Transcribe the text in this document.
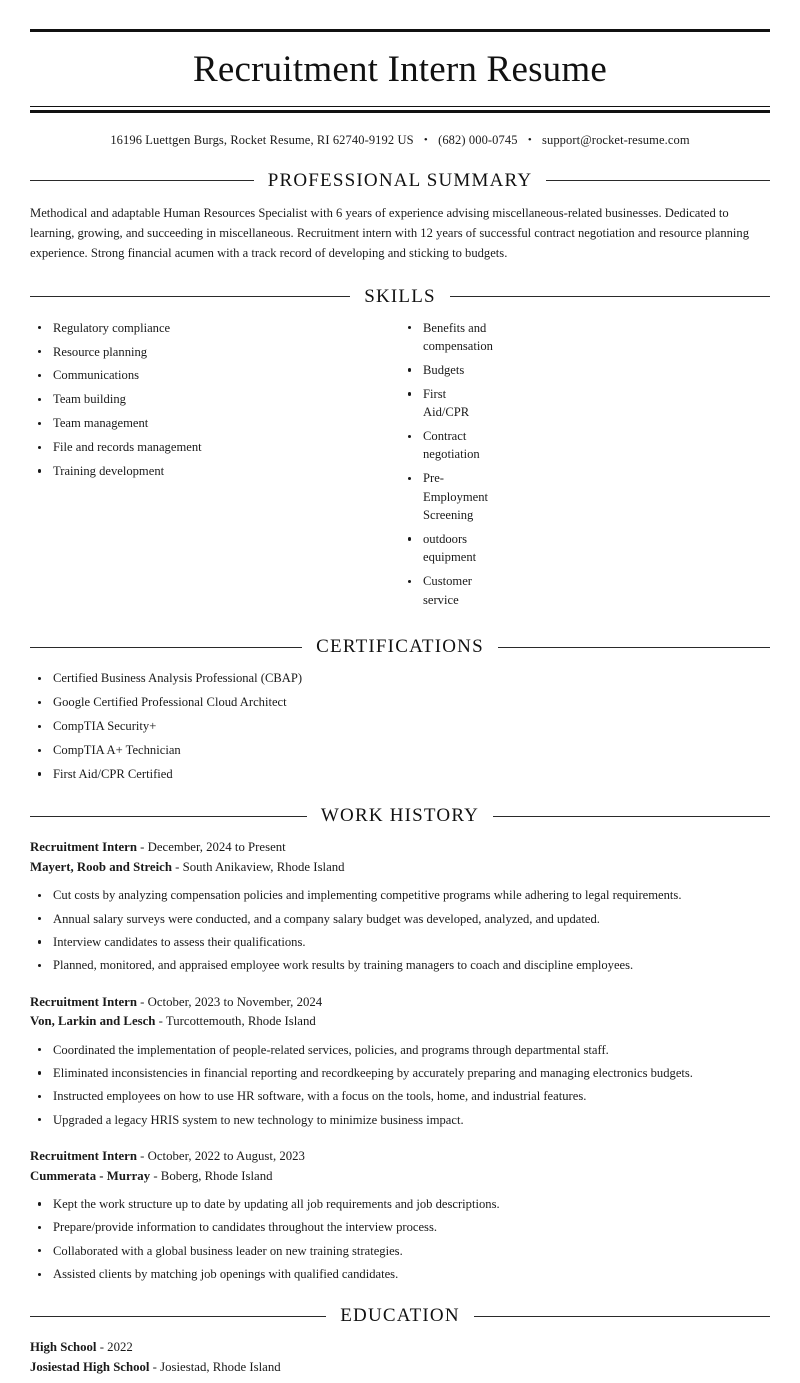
Recruitment Intern Resume
16196 Luettgen Burgs, Rocket Resume, RI 62740-9192 US • (682) 000-0745 • support@rocket-resume.com
PROFESSIONAL SUMMARY

Methodical and adaptable Human Resources Specialist with 6 years of experience advising miscellaneous-related businesses. Dedicated to learning, growing, and succeeding in miscellaneous. Recruitment intern with 12 years of successful contract negotiation and resource planning experience. Strong financial acumen with a track record of developing and sticking to budgets.

SKILLS
Regulatory compliance
Resource planning
Communications
Team building
Team management
File and records management
Training development
Benefits and compensation
Budgets
First Aid/CPR
Contract negotiation
Pre-Employment Screening
outdoors equipment
Customer service
CERTIFICATIONS
Certified Business Analysis Professional (CBAP)
Google Certified Professional Cloud Architect
CompTIA Security+
CompTIA A+ Technician
First Aid/CPR Certified
WORK HISTORY
Recruitment Intern - December, 2024 to Present
Mayert, Roob and Streich - South Anikaview, Rhode Island
Cut costs by analyzing compensation policies and implementing competitive programs while adhering to legal requirements.
Annual salary surveys were conducted, and a company salary budget was developed, analyzed, and updated.
Interview candidates to assess their qualifications.
Planned, monitored, and appraised employee work results by training managers to coach and discipline employees.
Recruitment Intern - October, 2023 to November, 2024
Von, Larkin and Lesch - Turcottemouth, Rhode Island
Coordinated the implementation of people-related services, policies, and programs through departmental staff.
Eliminated inconsistencies in financial reporting and recordkeeping by accurately preparing and managing electronics budgets.
Instructed employees on how to use HR software, with a focus on the tools, home, and industrial features.
Upgraded a legacy HRIS system to new technology to minimize business impact.
Recruitment Intern - October, 2022 to August, 2023
Cummerata - Murray - Boberg, Rhode Island
Kept the work structure up to date by updating all job requirements and job descriptions.
Prepare/provide information to candidates throughout the interview process.
Collaborated with a global business leader on new training strategies.
Assisted clients by matching job openings with qualified candidates.
EDUCATION
High School - 2022
Josiestad High School - Josiestad, Rhode Island
